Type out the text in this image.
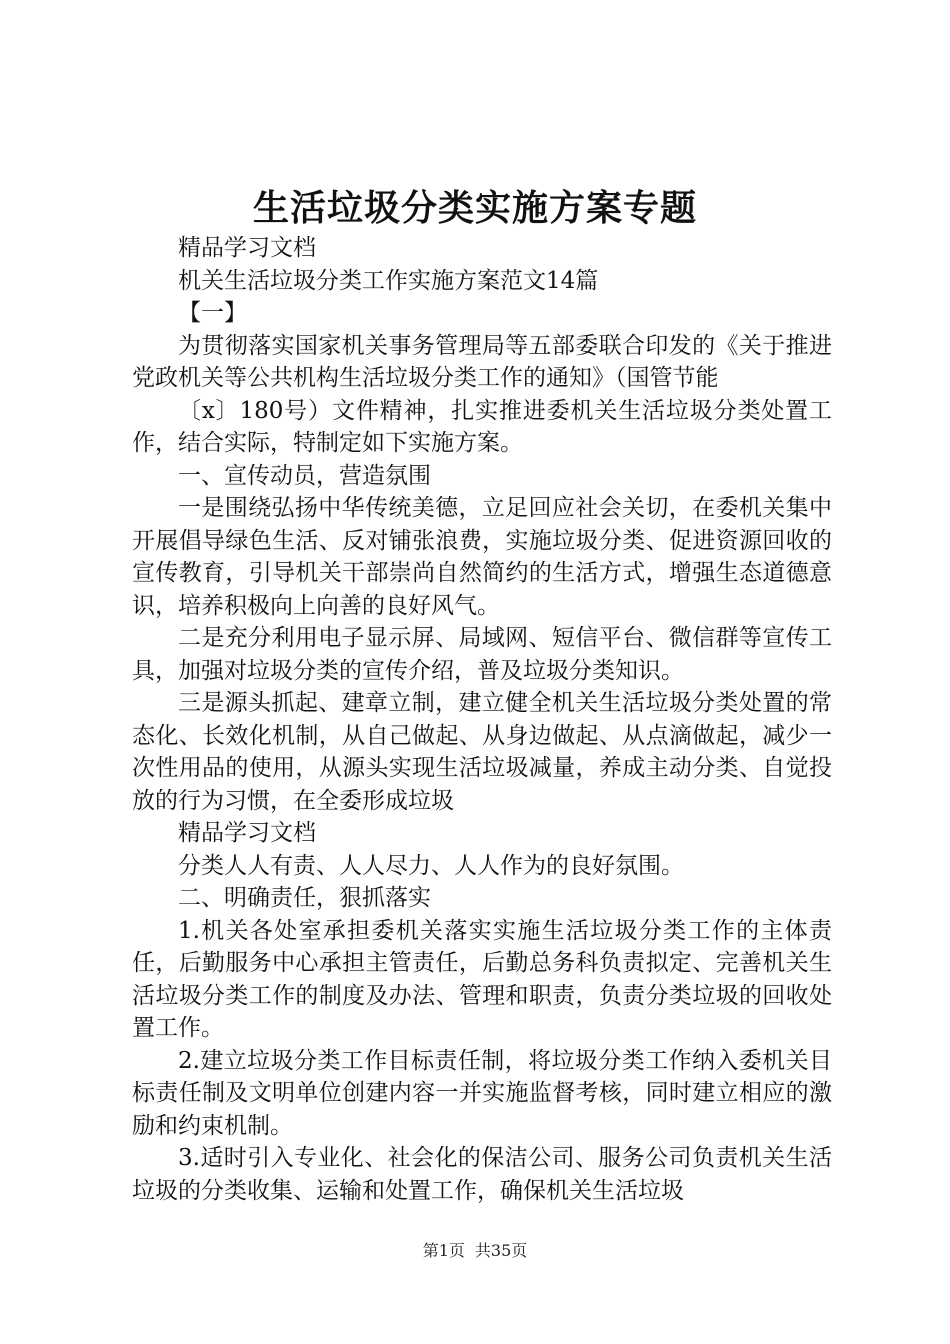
生活垃圾分类实施方案专题

精品学习文档

机关生活垃圾分类工作实施方案范文14篇

【一】

为贯彻落实国家机关事务管理局等五部委联合印发的《关于推进党政机关等公共机构生活垃圾分类工作的通知》（国管节能

〔x〕180号）文件精神，扎实推进委机关生活垃圾分类处置工作，结合实际，特制定如下实施方案。

一、宣传动员，营造氛围

一是围绕弘扬中华传统美德，立足回应社会关切，在委机关集中开展倡导绿色生活、反对铺张浪费，实施垃圾分类、促进资源回收的宣传教育，引导机关干部崇尚自然简约的生活方式，增强生态道德意识，培养积极向上向善的良好风气。

二是充分利用电子显示屏、局域网、短信平台、微信群等宣传工具，加强对垃圾分类的宣传介绍，普及垃圾分类知识。

三是源头抓起、建章立制，建立健全机关生活垃圾分类处置的常态化、长效化机制，从自己做起、从身边做起、从点滴做起，减少一次性用品的使用，从源头实现生活垃圾减量，养成主动分类、自觉投放的行为习惯，在全委形成垃圾

精品学习文档

分类人人有责、人人尽力、人人作为的良好氛围。

二、明确责任，狠抓落实

1.机关各处室承担委机关落实实施生活垃圾分类工作的主体责任，后勤服务中心承担主管责任，后勤总务科负责拟定、完善机关生活垃圾分类工作的制度及办法、管理和职责，负责分类垃圾的回收处置工作。

2.建立垃圾分类工作目标责任制，将垃圾分类工作纳入委机关目标责任制及文明单位创建内容一并实施监督考核，同时建立相应的激励和约束机制。

3.适时引入专业化、社会化的保洁公司、服务公司负责机关生活垃圾的分类收集、运输和处置工作，确保机关生活垃圾

第1页 共35页
